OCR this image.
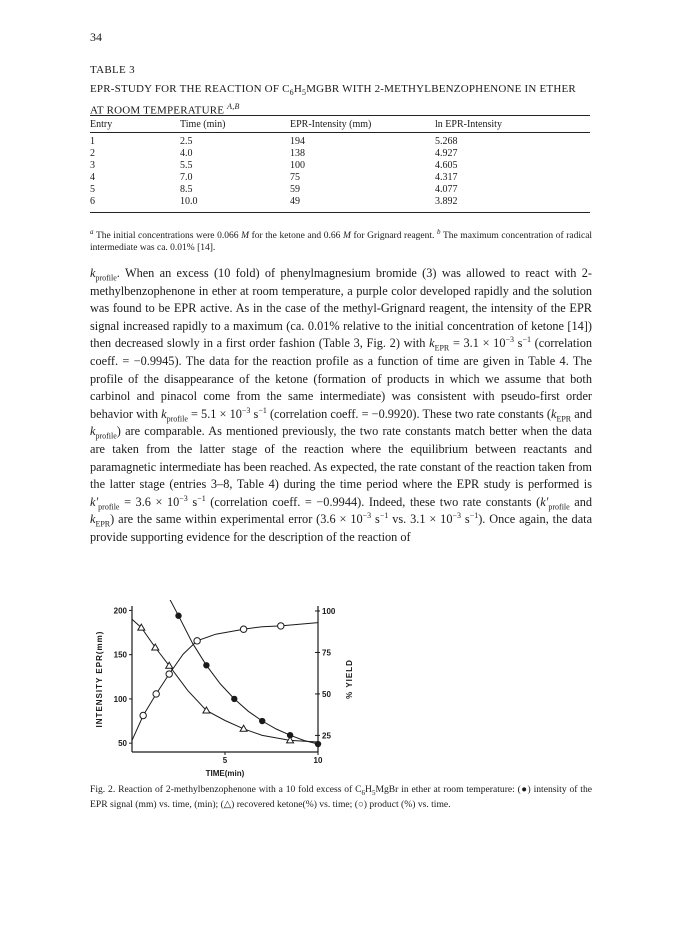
34
TABLE 3
EPR-STUDY FOR THE REACTION OF $C_6H_5MGBR$ WITH 2-METHYLBENZOPHENONE IN ETHER AT ROOM TEMPERATURE $^{A,B}$
Entry	Time (min)	EPR-Intensity (mm)	ln EPR-Intensity
1	2.5	194	5.268
2	4.0	138	4.927
3	5.5	100	4.605
4	7.0	75	4.317
5	8.5	59	4.077
6	10.0	49	3.892
$^a$ The initial concentrations were 0.066 M for the ketone and 0.66 M for Grignard reagent. $^b$ The maximum concentration of radical intermediate was ca. 0.01% [14].

$k_{profile}$. When an excess (10 fold) of phenylmagnesium bromide (3) was allowed to react with 2-methylbenzophenone in ether at room temperature, a purple color developed rapidly and the solution was found to be EPR active. As in the case of the methyl-Grignard reagent, the intensity of the EPR signal increased rapidly to a maximum (ca. 0.01% relative to the initial concentration of ketone [14]) then decreased slowly in a first order fashion (Table 3, Fig. 2) with $k_{EPR} = 3.1 \times 10^{-3}$ $s^{-1}$ (correlation coeff. = −0.9945). The data for the reaction profile as a function of time are given in Table 4. The profile of the disappearance of the ketone (formation of products in which we assume that both carbinol and pinacol come from the same intermediate) was consistent with pseudo-first order behavior with $k_{profile} = 5.1 \times 10^{-3}$ $s^{-1}$ (correlation coeff. = −0.9920). These two rate constants ($k_{EPR}$ and $k_{profile}$) are comparable. As mentioned previously, the two rate constants match better when the data are taken from the latter stage of the reaction where the equilibrium between reactants and paramagnetic intermediate has been reached. As expected, the rate constant of the reaction taken from the latter stage (entries 3–8, Table 4) during the time period where the EPR study is performed is $k'_{profile} = 3.6 \times 10^{-3}$ $s^{-1}$ (correlation coeff. = −0.9944). Indeed, these two rate constants ($k'_{profile}$ and $k_{EPR}$) are the same within experimental error ($3.6 \times 10^{-3}$ $s^{-1}$ vs. $3.1 \times 10^{-3}$ $s^{-1}$). Once again, the data provide supporting evidence for the description of the reaction of

200
150
100
50
100
75
50
25
5	10
TIME(min)
INTENSITY EPR(mm)	% YIELD
Fig. 2. Reaction of 2-methylbenzophenone with a 10 fold excess of $C_6H_5MgBr$ in ether at room temperature: (●) intensity of the EPR signal (mm) vs. time, (min); (△) recovered ketone(%) vs. time; (○) product (%) vs. time.
